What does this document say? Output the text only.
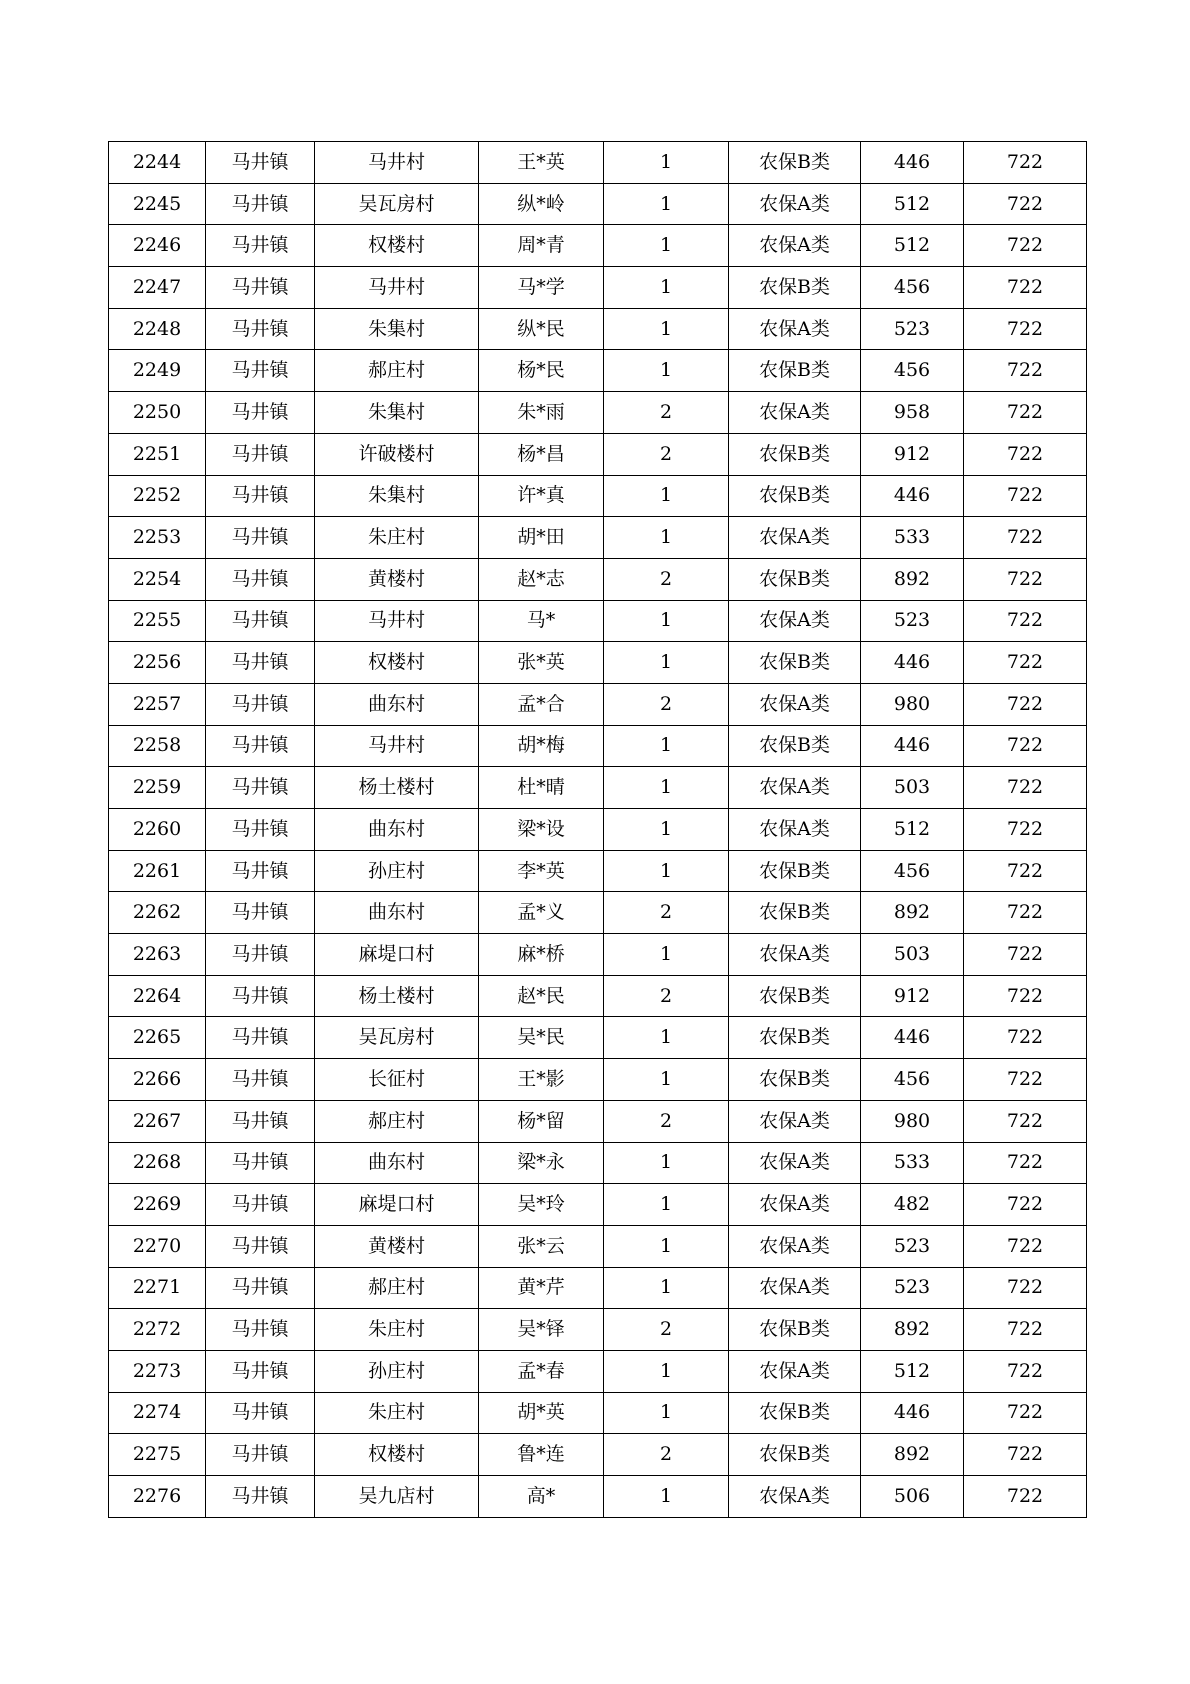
2244	马井镇	马井村	王*英	1	农保B类	446	722
2245	马井镇	吴瓦房村	纵*岭	1	农保A类	512	722
2246	马井镇	权楼村	周*青	1	农保A类	512	722
2247	马井镇	马井村	马*学	1	农保B类	456	722
2248	马井镇	朱集村	纵*民	1	农保A类	523	722
2249	马井镇	郝庄村	杨*民	1	农保B类	456	722
2250	马井镇	朱集村	朱*雨	2	农保A类	958	722
2251	马井镇	许破楼村	杨*昌	2	农保B类	912	722
2252	马井镇	朱集村	许*真	1	农保B类	446	722
2253	马井镇	朱庄村	胡*田	1	农保A类	533	722
2254	马井镇	黄楼村	赵*志	2	农保B类	892	722
2255	马井镇	马井村	马*	1	农保A类	523	722
2256	马井镇	权楼村	张*英	1	农保B类	446	722
2257	马井镇	曲东村	孟*合	2	农保A类	980	722
2258	马井镇	马井村	胡*梅	1	农保B类	446	722
2259	马井镇	杨土楼村	杜*晴	1	农保A类	503	722
2260	马井镇	曲东村	梁*设	1	农保A类	512	722
2261	马井镇	孙庄村	李*英	1	农保B类	456	722
2262	马井镇	曲东村	孟*义	2	农保B类	892	722
2263	马井镇	麻堤口村	麻*桥	1	农保A类	503	722
2264	马井镇	杨土楼村	赵*民	2	农保B类	912	722
2265	马井镇	吴瓦房村	吴*民	1	农保B类	446	722
2266	马井镇	长征村	王*影	1	农保B类	456	722
2267	马井镇	郝庄村	杨*留	2	农保A类	980	722
2268	马井镇	曲东村	梁*永	1	农保A类	533	722
2269	马井镇	麻堤口村	吴*玲	1	农保A类	482	722
2270	马井镇	黄楼村	张*云	1	农保A类	523	722
2271	马井镇	郝庄村	黄*芹	1	农保A类	523	722
2272	马井镇	朱庄村	吴*铎	2	农保B类	892	722
2273	马井镇	孙庄村	孟*春	1	农保A类	512	722
2274	马井镇	朱庄村	胡*英	1	农保B类	446	722
2275	马井镇	权楼村	鲁*连	2	农保B类	892	722
2276	马井镇	吴九店村	高*	1	农保A类	506	722
